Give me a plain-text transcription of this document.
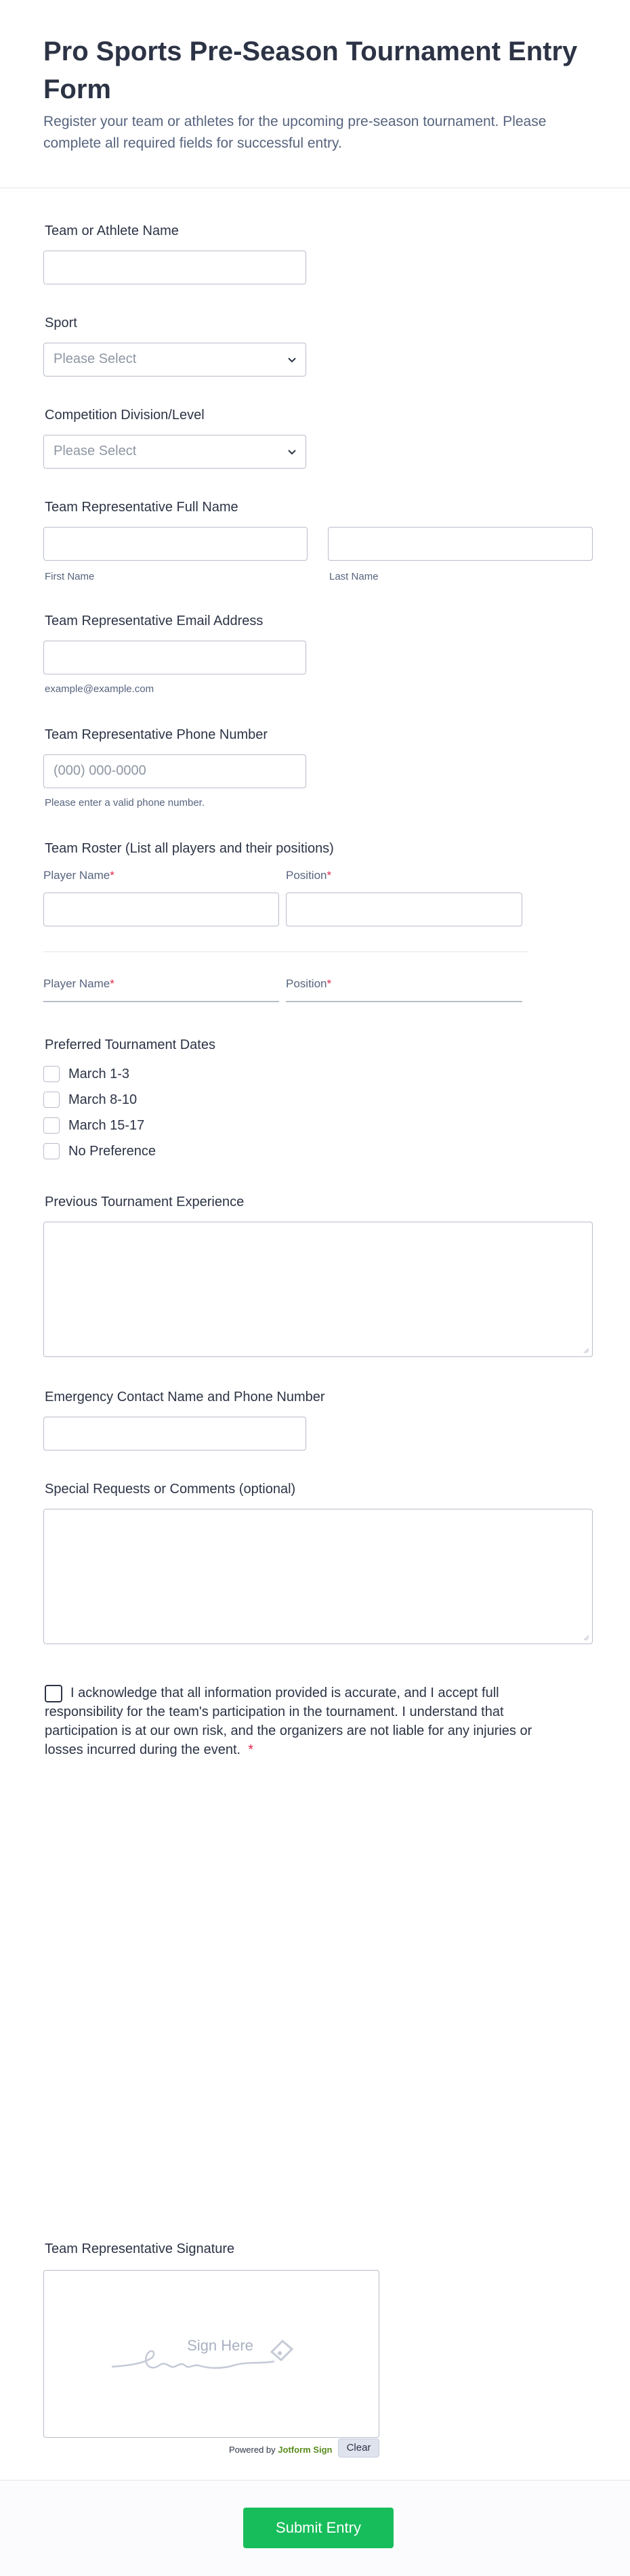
Pro Sports Pre-Season Tournament Entry Form
Register your team or athletes for the upcoming pre-season tournament. Please complete all required fields for successful entry.
Team or Athlete Name
Sport
Please Select
Competition Division/Level
Please Select
Team Representative Full Name
First Name	Last Name
Team Representative Email Address
example@example.com
Team Representative Phone Number
(000) 000-0000
Please enter a valid phone number.
Team Roster (List all players and their positions)
Player Name*	Position*
Player Name*	Position*
Preferred Tournament Dates
March 1-3
March 8-10
March 15-17
No Preference
Previous Tournament Experience
Emergency Contact Name and Phone Number
Special Requests or Comments (optional)
I acknowledge that all information provided is accurate, and I accept full responsibility for the team's participation in the tournament. I understand that participation is at our own risk, and the organizers are not liable for any injuries or losses incurred during the event. *
Team Representative Signature
Sign Here
Powered by Jotform Sign	Clear
Submit Entry
